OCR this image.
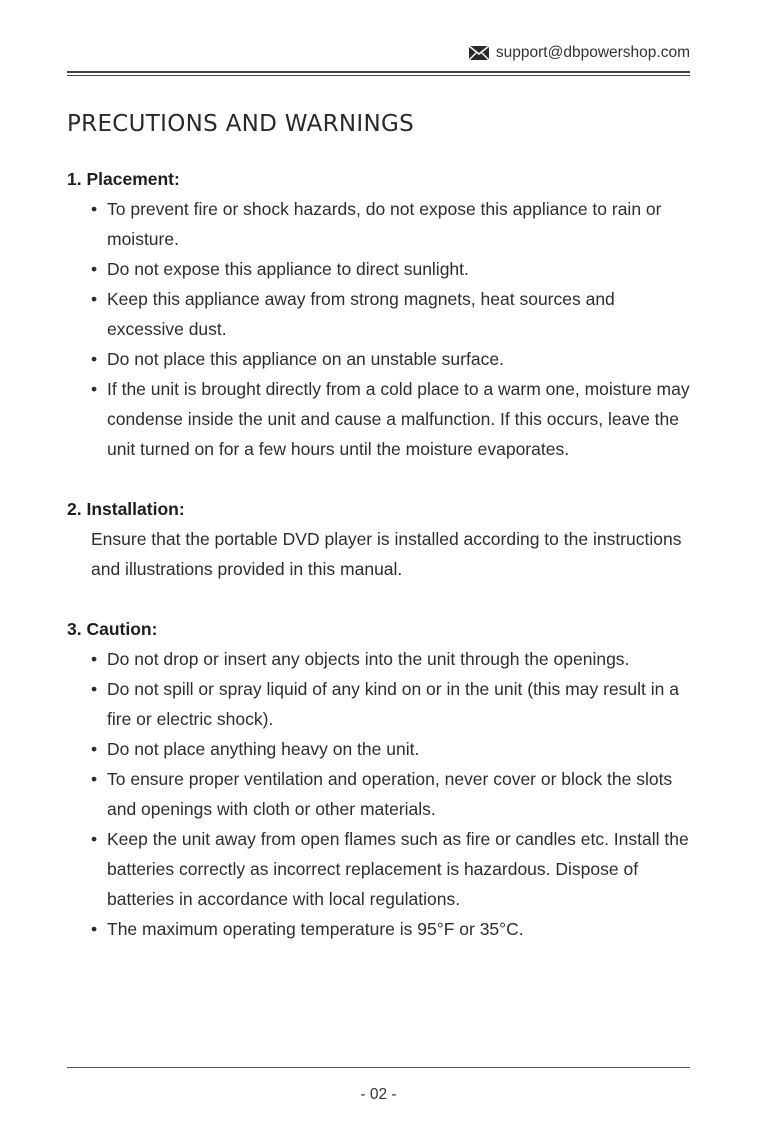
support@dbpowershop.com
PRECUTIONS AND WARNINGS

1. Placement:

• To prevent fire or shock hazards, do not expose this appliance to rain or moisture.
• Do not expose this appliance to direct sunlight.
• Keep this appliance away from strong magnets, heat sources and excessive dust.
• Do not place this appliance on an unstable surface.
• If the unit is brought directly from a cold place to a warm one, moisture may condense inside the unit and cause a malfunction. If this occurs, leave the unit turned on for a few hours until the moisture evaporates.

2. Installation:

Ensure that the portable DVD player is installed according to the instructions and illustrations provided in this manual.

3. Caution:

• Do not drop or insert any objects into the unit through the openings.
• Do not spill or spray liquid of any kind on or in the unit (this may result in a fire or electric shock).
• Do not place anything heavy on the unit.
• To ensure proper ventilation and operation, never cover or block the slots and openings with cloth or other materials.
• Keep the unit away from open flames such as fire or candles etc. Install the batteries correctly as incorrect replacement is hazardous. Dispose of batteries in accordance with local regulations.
• The maximum operating temperature is 95°F or 35°C.
- 02 -
